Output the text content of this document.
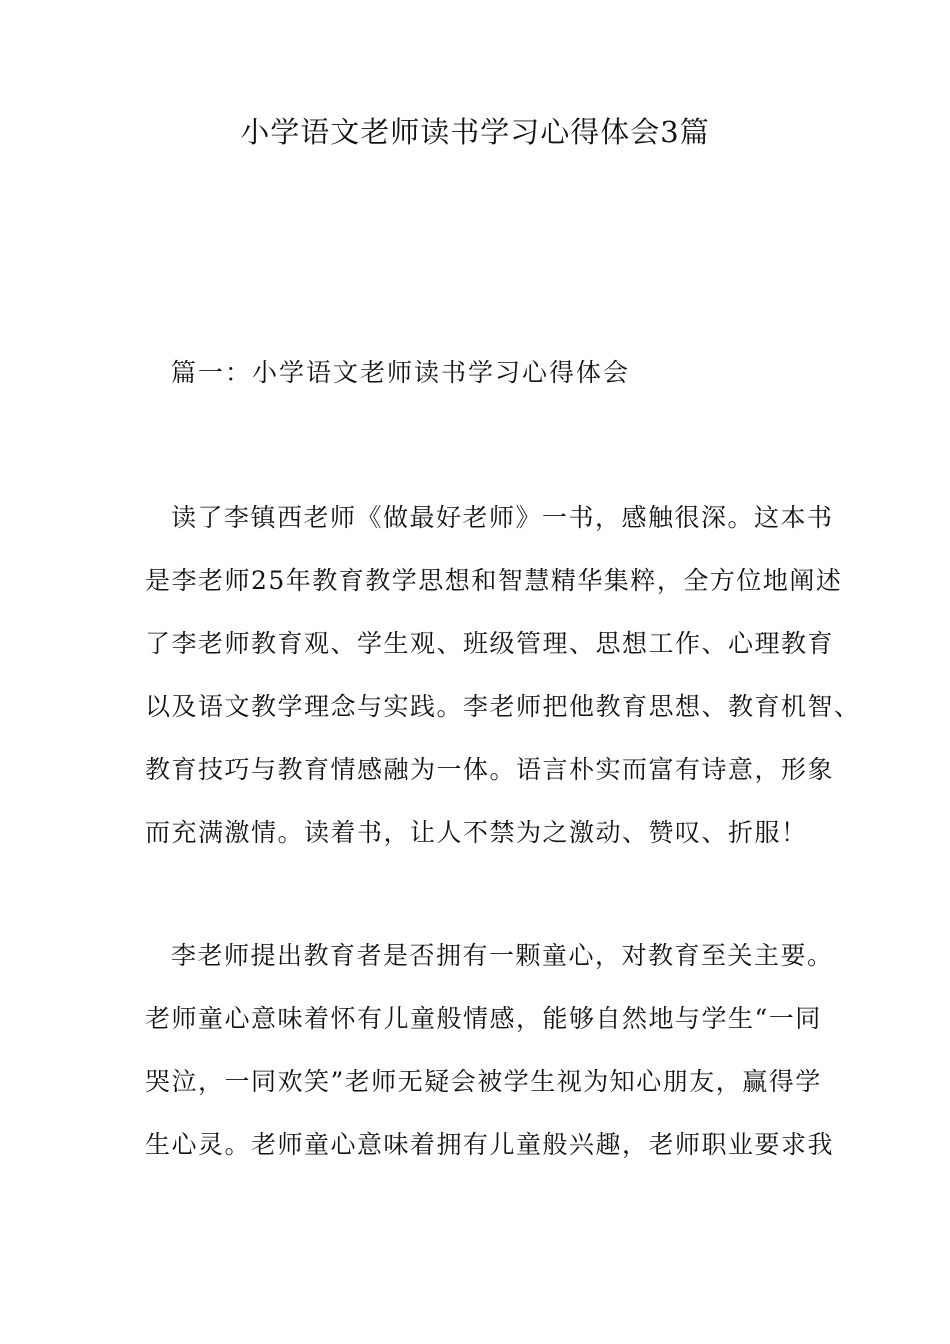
小学语文老师读书学习心得体会3篇
篇一：小学语文老师读书学习心得体会
读了李镇西老师《做最好老师》一书，感触很深。这本书
是李老师25年教育教学思想和智慧精华集粹，全方位地阐述
了李老师教育观、学生观、班级管理、思想工作、心理教育
以及语文教学理念与实践。李老师把他教育思想、教育机智、
教育技巧与教育情感融为一体。语言朴实而富有诗意，形象
而充满激情。读着书，让人不禁为之激动、赞叹、折服！
李老师提出教育者是否拥有一颗童心，对教育至关主要。
老师童心意味着怀有儿童般情感，能够自然地与学生“一同
哭泣，一同欢笑”老师无疑会被学生视为知心朋友，赢得学
生心灵。老师童心意味着拥有儿童般兴趣，老师职业要求我
